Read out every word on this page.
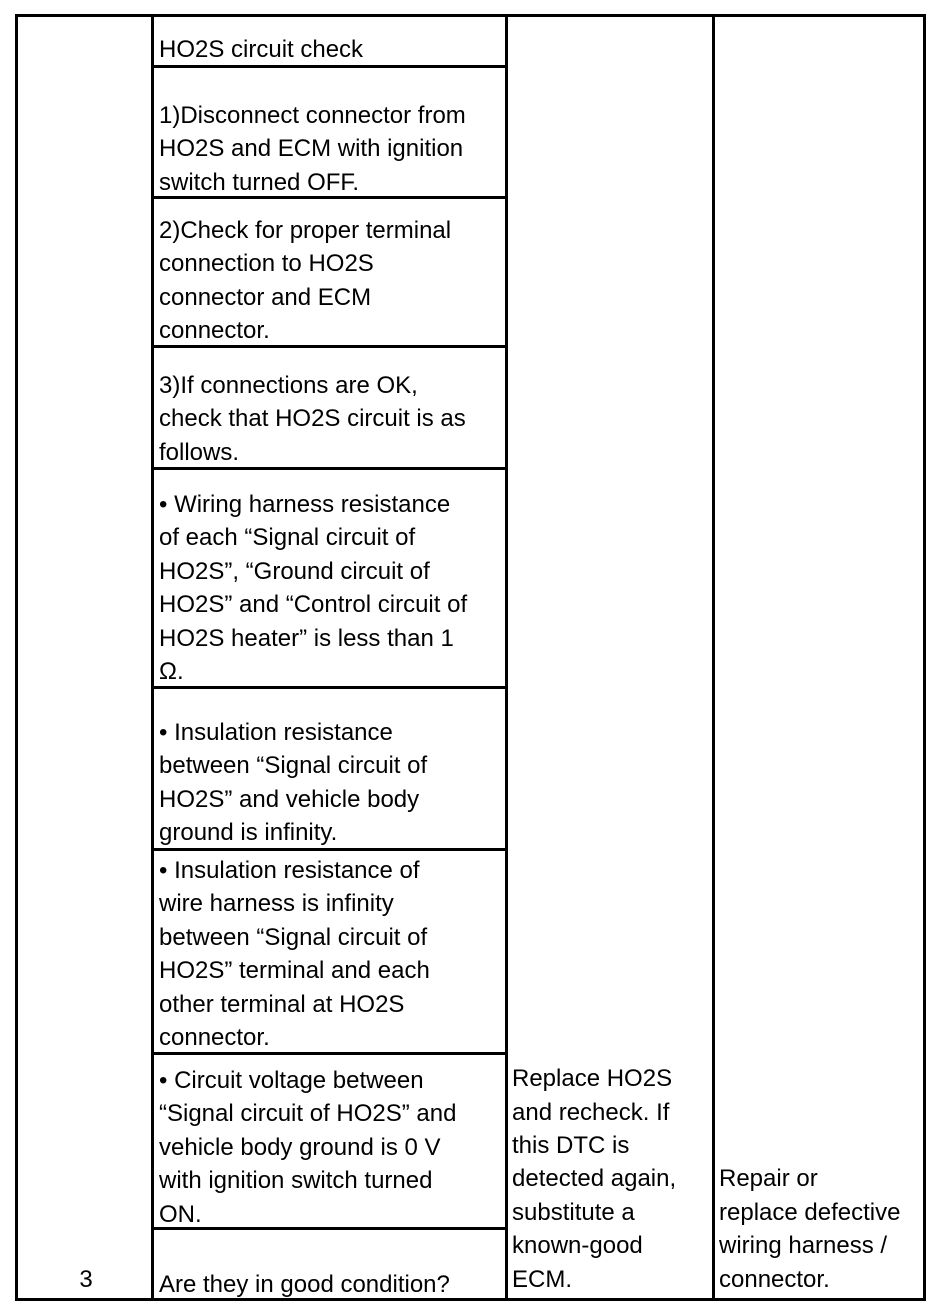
HO2S circuit check
1)Disconnect connector from
HO2S and ECM with ignition
switch turned OFF.
2)Check for proper terminal
connection to HO2S
connector and ECM
connector.
3)If connections are OK,
check that HO2S circuit is as
follows.
• Wiring harness resistance
of each “Signal circuit of
HO2S”, “Ground circuit of
HO2S” and “Control circuit of
HO2S heater” is less than 1
Ω.
• Insulation resistance
between “Signal circuit of
HO2S” and vehicle body
ground is infinity.
• Insulation resistance of
wire harness is infinity
between “Signal circuit of
HO2S” terminal and each
other terminal at HO2S
connector.
• Circuit voltage between
“Signal circuit of HO2S” and
vehicle body ground is 0 V
with ignition switch turned
ON.
Are they in good condition?
3
Replace HO2S
and recheck. If
this DTC is
detected again,
substitute a
known-good
ECM.
Repair or
replace defective
wiring harness /
connector.
